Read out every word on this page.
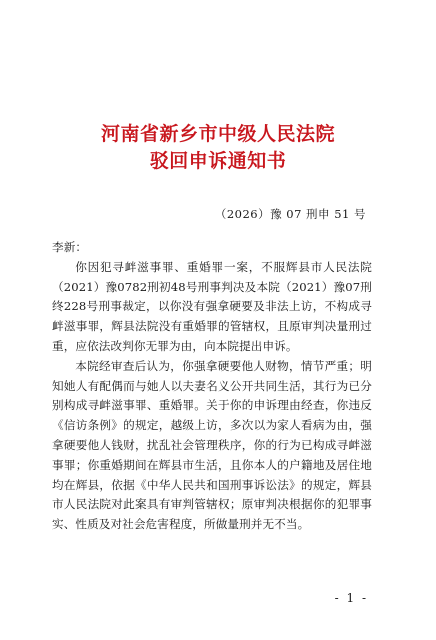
河南省新乡市中级人民法院
驳回申诉通知书
（2026）豫 07 刑申 51 号

李新：

你因犯寻衅滋事罪、重婚罪一案，不服辉县市人民法院（2021）豫0782刑初48号刑事判决及本院（2021）豫07刑终228号刑事裁定，以你没有强拿硬要及非法上访，不构成寻衅滋事罪，辉县法院没有重婚罪的管辖权，且原审判决量刑过重，应依法改判你无罪为由，向本院提出申诉。

本院经审查后认为，你强拿硬要他人财物，情节严重；明知她人有配偶而与她人以夫妻名义公开共同生活，其行为已分别构成寻衅滋事罪、重婚罪。关于你的申诉理由经查，你违反《信访条例》的规定，越级上访，多次以为家人看病为由，强拿硬要他人钱财，扰乱社会管理秩序，你的行为已构成寻衅滋事罪；你重婚期间在辉县市生活，且你本人的户籍地及居住地均在辉县，依据《中华人民共和国刑事诉讼法》的规定，辉县市人民法院对此案具有审判管辖权；原审判决根据你的犯罪事实、性质及对社会危害程度，所做量刑并无不当。

- 1 -
